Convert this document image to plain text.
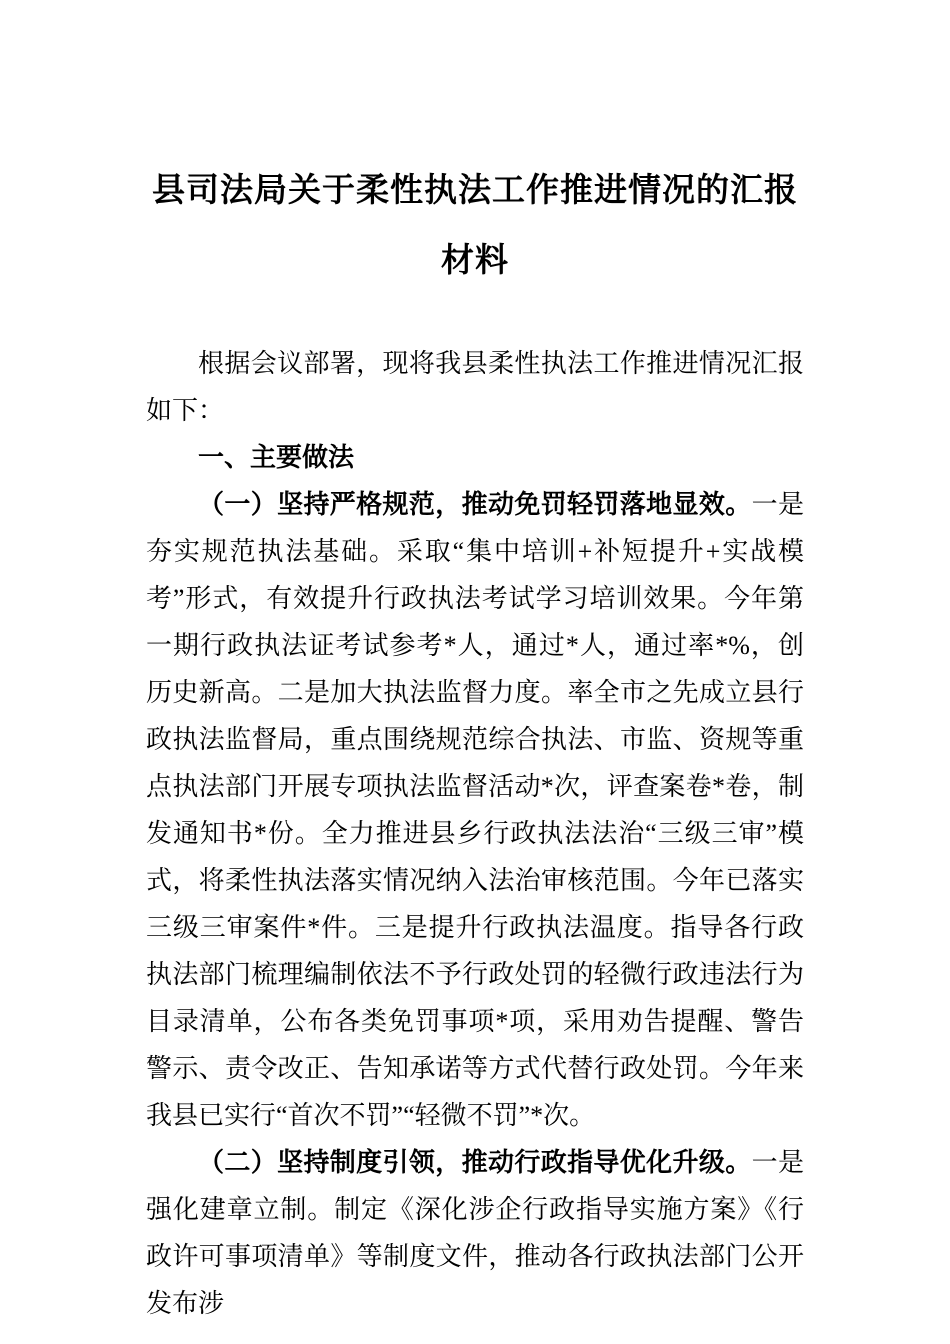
县司法局关于柔性执法工作推进情况的汇报材料

根据会议部署，现将我县柔性执法工作推进情况汇报如下：

一、主要做法

（一）坚持严格规范，推动免罚轻罚落地显效。一是夯实规范执法基础。采取“集中培训+补短提升+实战模考”形式，有效提升行政执法考试学习培训效果。今年第一期行政执法证考试参考*人，通过*人，通过率*%，创历史新高。二是加大执法监督力度。率全市之先成立县行政执法监督局，重点围绕规范综合执法、市监、资规等重点执法部门开展专项执法监督活动*次，评查案卷*卷，制发通知书*份。全力推进县乡行政执法法治“三级三审”模式，将柔性执法落实情况纳入法治审核范围。今年已落实三级三审案件*件。三是提升行政执法温度。指导各行政执法部门梳理编制依法不予行政处罚的轻微行政违法行为目录清单，公布各类免罚事项*项，采用劝告提醒、警告警示、责令改正、告知承诺等方式代替行政处罚。今年来我县已实行“首次不罚”“轻微不罚”*次。

（二）坚持制度引领，推动行政指导优化升级。一是强化建章立制。制定《深化涉企行政指导实施方案》《行政许可事项清单》等制度文件，推动各行政执法部门公开发布涉
